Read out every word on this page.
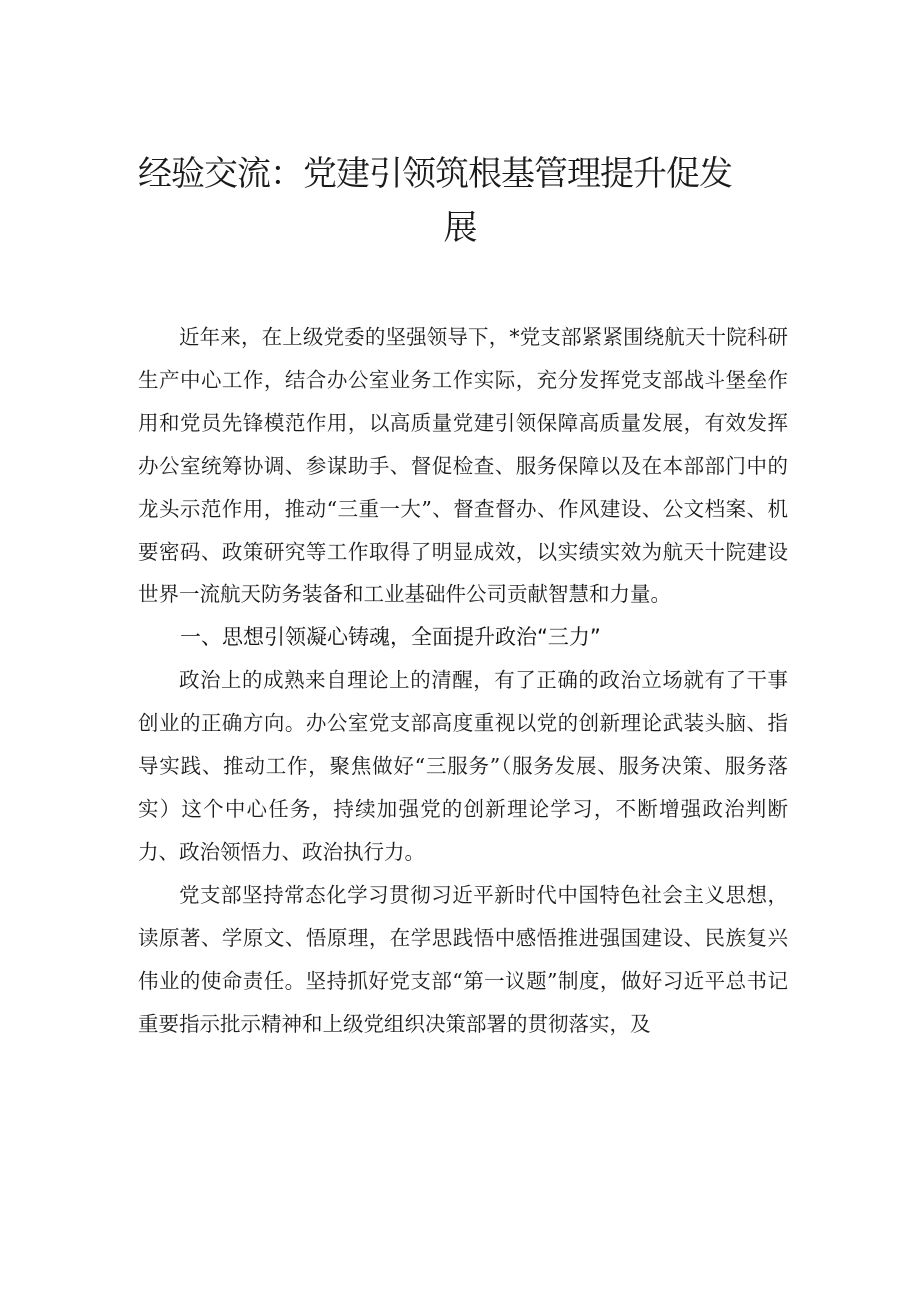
经验交流：党建引领筑根基管理提升促发
展

近年来，在上级党委的坚强领导下，*党支部紧紧围绕航天十院科研生产中心工作，结合办公室业务工作实际，充分发挥党支部战斗堡垒作用和党员先锋模范作用，以高质量党建引领保障高质量发展，有效发挥办公室统筹协调、参谋助手、督促检查、服务保障以及在本部部门中的龙头示范作用，推动“三重一大”、督查督办、作风建设、公文档案、机要密码、政策研究等工作取得了明显成效，以实绩实效为航天十院建设世界一流航天防务装备和工业基础件公司贡献智慧和力量。

一、思想引领凝心铸魂，全面提升政治“三力”

政治上的成熟来自理论上的清醒，有了正确的政治立场就有了干事创业的正确方向。办公室党支部高度重视以党的创新理论武装头脑、指导实践、推动工作，聚焦做好“三服务”（服务发展、服务决策、服务落实）这个中心任务，持续加强党的创新理论学习，不断增强政治判断力、政治领悟力、政治执行力。

党支部坚持常态化学习贯彻习近平新时代中国特色社会主义思想，读原著、学原文、悟原理，在学思践悟中感悟推进强国建设、民族复兴伟业的使命责任。坚持抓好党支部“第一议题”制度，做好习近平总书记重要指示批示精神和上级党组织决策部署的贯彻落实，及
